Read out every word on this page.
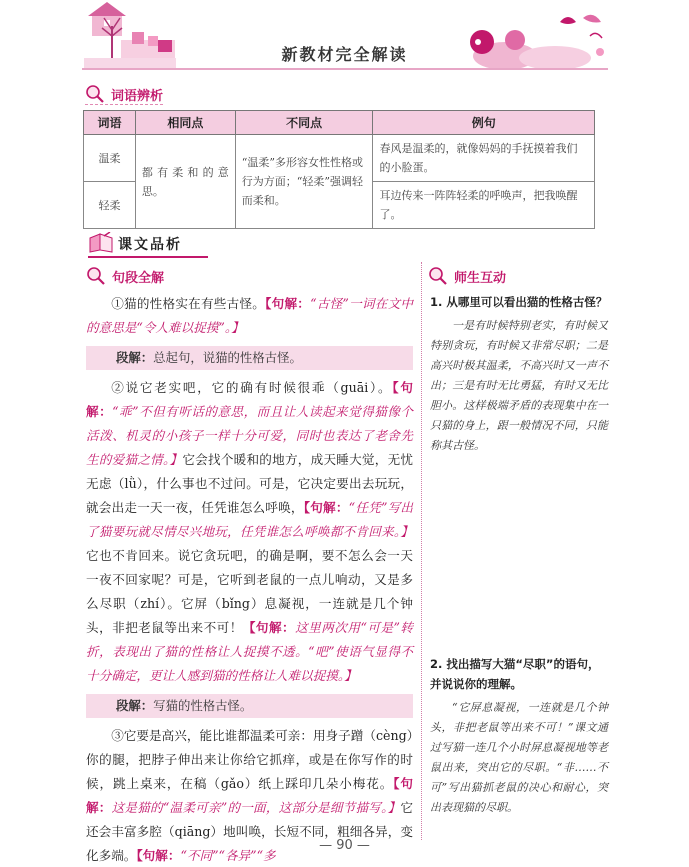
新教材完全解读
词语辨析
词语	相同点	不同点	例句
温柔	都有柔和的意思。	“温柔”多形容女性性格或行为方面；“轻柔”强调轻而柔和。	春风是温柔的，就像妈妈的手抚摸着我们的小脸蛋。
轻柔			耳边传来一阵阵轻柔的呼唤声，把我唤醒了。
课文品析
句段全解

①猫的性格实在有些古怪。【句解：“古怪”一词在文中的意思是“令人难以捉摸”。】

段解：总起句，说猫的性格古怪。

②说它老实吧，它的确有时候很乖（guāi）。【句解：“乖”不但有听话的意思，而且让人读起来觉得猫像个活泼、机灵的小孩子一样十分可爱，同时也表达了老舍先生的爱猫之情。】它会找个暖和的地方，成天睡大觉，无忧无虑（lǜ），什么事也不过问。可是，它决定要出去玩玩，就会出走一天一夜，任凭谁怎么呼唤，【句解：“任凭”写出了猫要玩就尽情尽兴地玩，任凭谁怎么呼唤都不肯回来。】它也不肯回来。说它贪玩吧，的确是啊，要不怎么会一天一夜不回家呢？可是，它听到老鼠的一点儿响动，又是多么尽职（zhí）。它屏（bǐng）息凝视，一连就是几个钟头，非把老鼠等出来不可！【句解：这里两次用“可是”转折，表现出了猫的性格让人捉摸不透。“吧”使语气显得不十分确定，更让人感到猫的性格让人难以捉摸。】

段解：写猫的性格古怪。

③它要是高兴，能比谁都温柔可亲：用身子蹭（cèng）你的腿，把脖子伸出来让你给它抓痒，或是在你写作的时候，跳上桌来，在稿（gǎo）纸上踩印几朵小梅花。【句解：这是猫的“温柔可亲”的一面，这部分是细节描写。】它还会丰富多腔（qiāng）地叫唤，长短不同，粗细各异，变化多端。【句解：“不同”“各异”“多

师生互动
1. 从哪里可以看出猫的性格古怪？
一是有时候特别老实，有时候又特别贪玩，有时候又非常尽职；二是高兴时极其温柔，不高兴时又一声不出；三是有时无比勇猛，有时又无比胆小。这样极端矛盾的表现集中在一只猫的身上，跟一般情况不同，只能称其古怪。
2. 找出描写大猫“尽职”的语句，并说说你的理解。
“它屏息凝视，一连就是几个钟头，非把老鼠等出来不可！”课文通过写猫一连几个小时屏息凝视地等老鼠出来，突出它的尽职。“非……不可”写出猫抓老鼠的决心和耐心，突出表现猫的尽职。
— 90 —
